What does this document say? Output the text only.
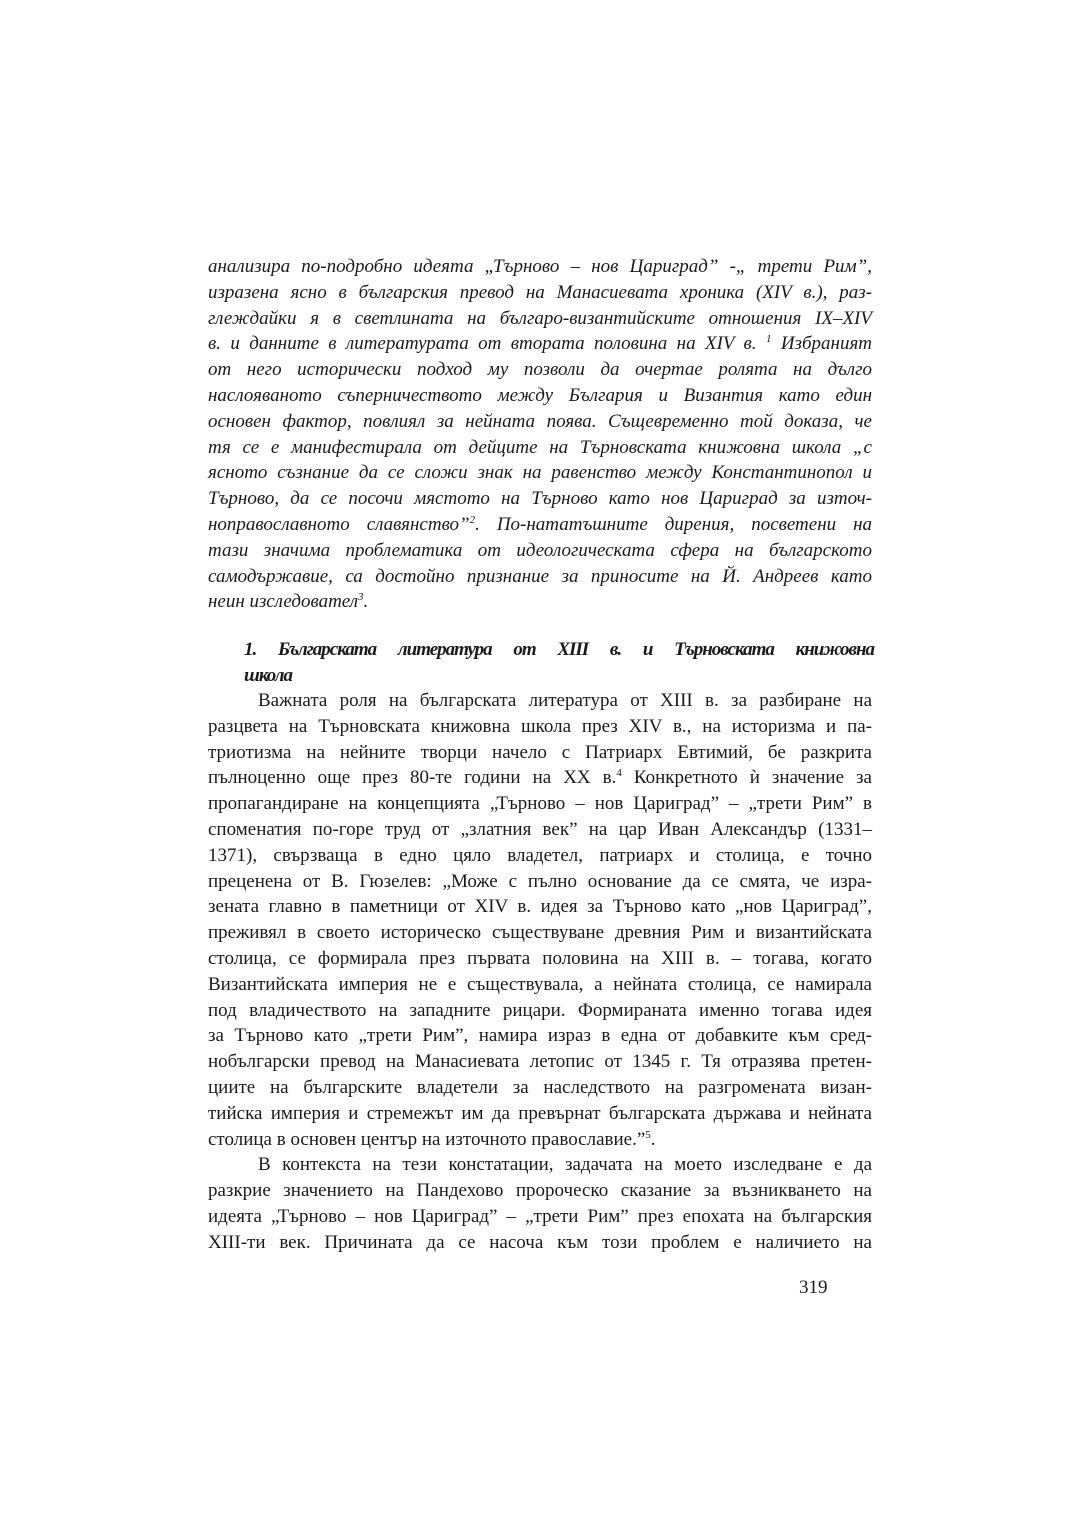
анализира по-подробно идеята „Търново – нов Цариград” -„ трети Рим”,
изразена ясно в българския превод на Манасиевата хроника (XIV в.), раз-
глеждайки я в светлината на българо-византийските отношения IX–XIV
в. и данните в литературата от втората половина на XIV в. $^1$ Избраният
от него исторически подход му позволи да очертае ролята на дълго
наслояваното съперничеството между България и Византия като един
основен фактор, повлиял за нейната поява. Същевременно той доказа, че
тя се е манифестирала от дейците на Търновската книжовна школа „с
ясното съзнание да се сложи знак на равенство между Константинопол и
Търново, да се посочи мястото на Търново като нов Цариград за източ-
ноправославното славянство”$^2$. По-нататъшните дирения, посветени на
тази значима проблематика от идеологическата сфера на българското
самодържавие, са достойно признание за приносите на Й. Андреев като
неин изследовател$^3$.
1. Българската литература от XIII в. и Търновската книжовна
школа
Важната роля на българската литература от XIII в. за разбиране на
разцвета на Търновската книжовна школа през XIV в., на историзма и па-
триотизма на нейните творци начело с Патриарх Евтимий, бе разкрита
пълноценно още през 80-те години на XX в.$^4$ Конкретното ѝ значение за
пропагандиране на концепцията „Търново – нов Цариград” – „трети Рим” в
споменатия по-горе труд от „златния век” на цар Иван Александър (1331–
1371), свързваща в едно цяло владетел, патриарх и столица, е точно
преценена от В. Гюзелев: „Може с пълно основание да се смята, че изра-
зената главно в паметници от XIV в. идея за Търново като „нов Цариград”,
преживял в своето историческо съществуване древния Рим и византийската
столица, се формирала през първата половина на XIII в. – тогава, когато
Византийската империя не е съществувала, а нейната столица, се намирала
под владичеството на западните рицари. Формираната именно тогава идея
за Търново като „трети Рим”, намира израз в една от добавките към сред-
нобългарски превод на Манасиевата летопис от 1345 г. Тя отразява претен-
циите на българските владетели за наследството на разгромената визан-
тийска империя и стремежът им да превърнат българската държава и нейната
столица в основен център на източното православие.”$^5$.
В контекста на тези констатации, задачата на моето изследване е да
разкрие значението на Пандехово пророческо сказание за възникването на
идеята „Търново – нов Цариград” – „трети Рим” през епохата на българския
XIII-ти век. Причината да се насоча към този проблем е наличието на
319
